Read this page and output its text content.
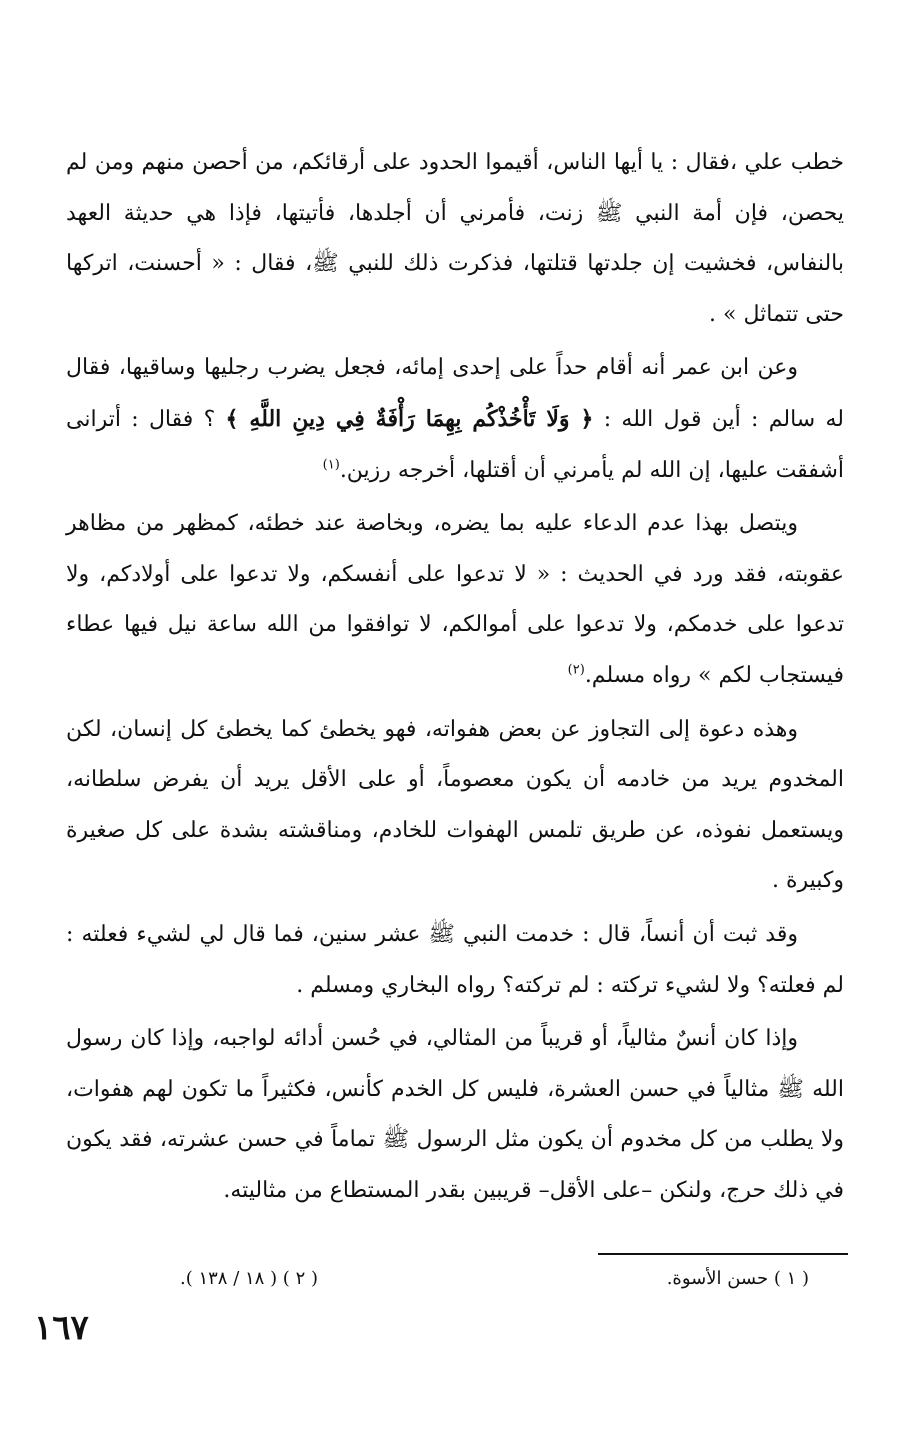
خطب علي ،فقال : يا أيها الناس، أقيموا الحدود على أرقائكم، من أحصن منهم ومن لم يحصن، فإن أمة النبي ﷺ زنت، فأمرني أن أجلدها، فأتيتها، فإذا هي حديثة العهد بالنفاس، فخشيت إن جلدتها قتلتها، فذكرت ذلك للنبي ﷺ، فقال : « أحسنت، اتركها حتى تتماثل » .

وعن ابن عمر أنه أقام حداً على إحدى إمائه، فجعل يضرب رجليها وساقيها، فقال له سالم : أين قول الله : ﴿ وَلَا تَأْخُذْكُم بِهِمَا رَأْفَةٌ فِي دِينِ اللَّهِ ﴾ ؟ فقال : أترانى أشفقت عليها، إن الله لم يأمرني أن أقتلها، أخرجه رزين.$^{(١)}$

ويتصل بهذا عدم الدعاء عليه بما يضره، وبخاصة عند خطئه، كمظهر من مظاهر عقوبته، فقد ورد في الحديث : « لا تدعوا على أنفسكم، ولا تدعوا على أولادكم، ولا تدعوا على خدمكم، ولا تدعوا على أموالكم، لا توافقوا من الله ساعة نيل فيها عطاء فيستجاب لكم » رواه مسلم.$^{(٢)}$

وهذه دعوة إلى التجاوز عن بعض هفواته، فهو يخطئ كما يخطئ كل إنسان، لكن المخدوم يريد من خادمه أن يكون معصوماً، أو على الأقل يريد أن يفرض سلطانه، ويستعمل نفوذه، عن طريق تلمس الهفوات للخادم، ومناقشته بشدة على كل صغيرة وكبيرة .

وقد ثبت أن أنساً، قال : خدمت النبي ﷺ عشر سنين، فما قال لي لشيء فعلته : لم فعلته؟ ولا لشيء تركته : لم تركته؟ رواه البخاري ومسلم .

وإذا كان أنسٌ مثالياً، أو قريباً من المثالي، في حُسن أدائه لواجبه، وإذا كان رسول الله ﷺ مثالياً في حسن العشرة، فليس كل الخدم كأنس، فكثيراً ما تكون لهم هفوات، ولا يطلب من كل مخدوم أن يكون مثل الرسول ﷺ تماماً في حسن عشرته، فقد يكون في ذلك حرج، ولنكن –على الأقل– قريبين بقدر المستطاع من مثاليته.

( ١ ) حسن الأسوة.
( ٢ ) ( ١٨ / ١٣٨ ).
١٦٧
